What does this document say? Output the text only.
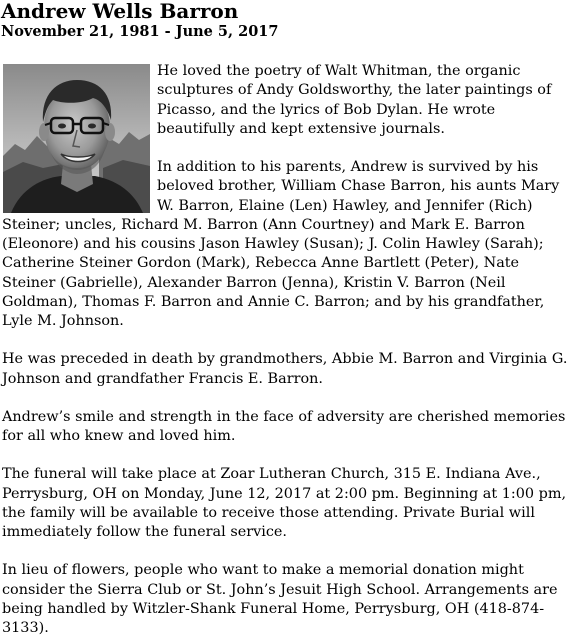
Andrew Wells Barron
November 21, 1981 - June 5, 2017

He loved the poetry of Walt Whitman, the organic sculptures of Andy Goldsworthy, the later paintings of Picasso, and the lyrics of Bob Dylan. He wrote beautifully and kept extensive journals.

In addition to his parents, Andrew is survived by his beloved brother, William Chase Barron, his aunts Mary W. Barron, Elaine (Len) Hawley, and Jennifer (Rich) Steiner; uncles, Richard M. Barron (Ann Courtney) and Mark E. Barron (Eleonore) and his cousins Jason Hawley (Susan); J. Colin Hawley (Sarah); Catherine Steiner Gordon (Mark), Rebecca Anne Bartlett (Peter), Nate Steiner (Gabrielle), Alexander Barron (Jenna), Kristin V. Barron (Neil Goldman), Thomas F. Barron and Annie C. Barron; and by his grandfather, Lyle M. Johnson.

He was preceded in death by grandmothers, Abbie M. Barron and Virginia G. Johnson and grandfather Francis E. Barron.

Andrew’s smile and strength in the face of adversity are cherished memories for all who knew and loved him.

The funeral will take place at Zoar Lutheran Church, 315 E. Indiana Ave., Perrysburg, OH on Monday, June 12, 2017 at 2:00 pm. Beginning at 1:00 pm, the family will be available to receive those attending. Private Burial will immediately follow the funeral service.

In lieu of flowers, people who want to make a memorial donation might consider the Sierra Club or St. John’s Jesuit High School. Arrangements are being handled by Witzler-Shank Funeral Home, Perrysburg, OH (418-874-3133).
